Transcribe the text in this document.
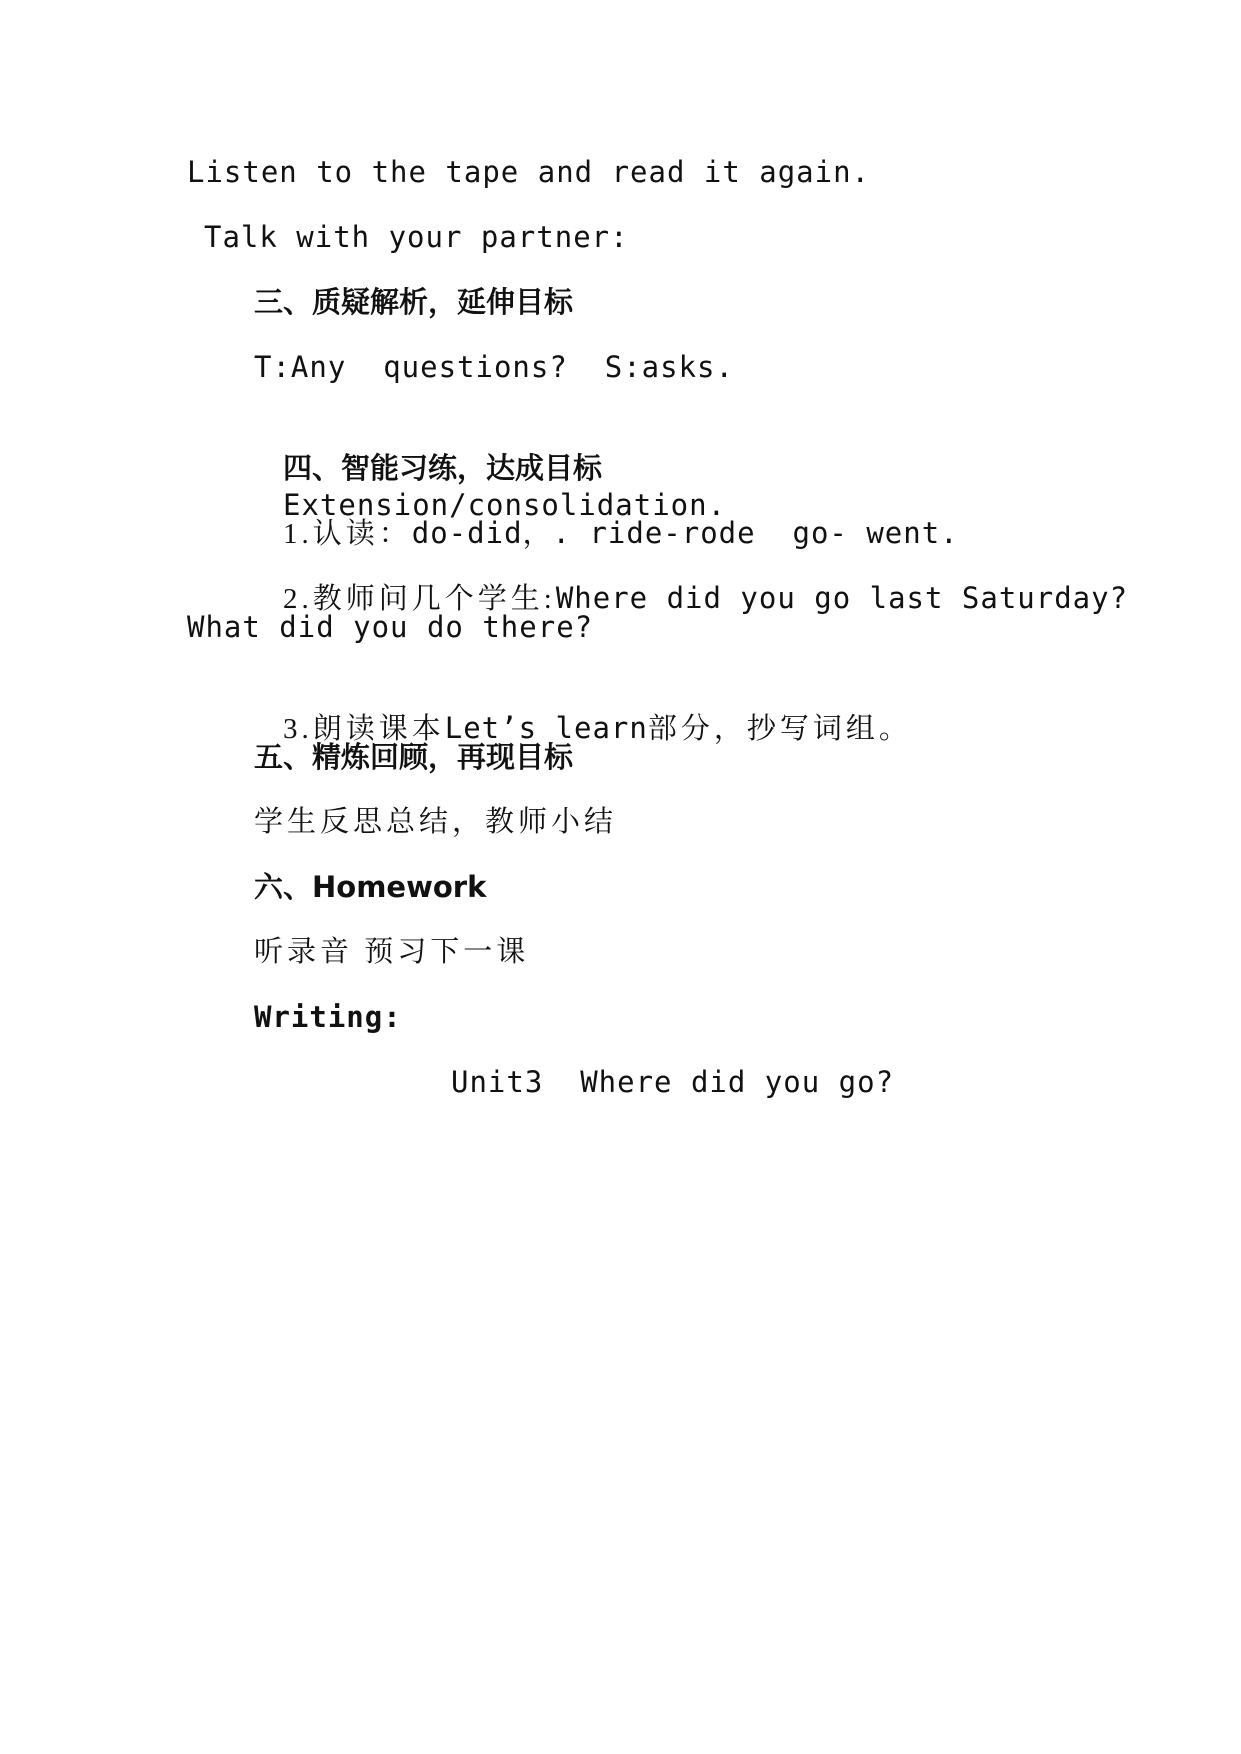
Listen to the tape and read it again.
Talk with your partner:
三、质疑解析，延伸目标
T:Any  questions?  S:asks.

四、智能习练，达成目标
Extension/consolidation.

1.认读：do-did，. ride-rode  go- went.

2.教师问几个学生:Where did you go last Saturday?

What did you do there?

3.朗读课本Let’s learn部分，抄写词组。

五、精炼回顾，再现目标
学生反思总结，教师小结
六、Homework
听录音 预习下一课
Writing:
Unit3  Where did you go?
